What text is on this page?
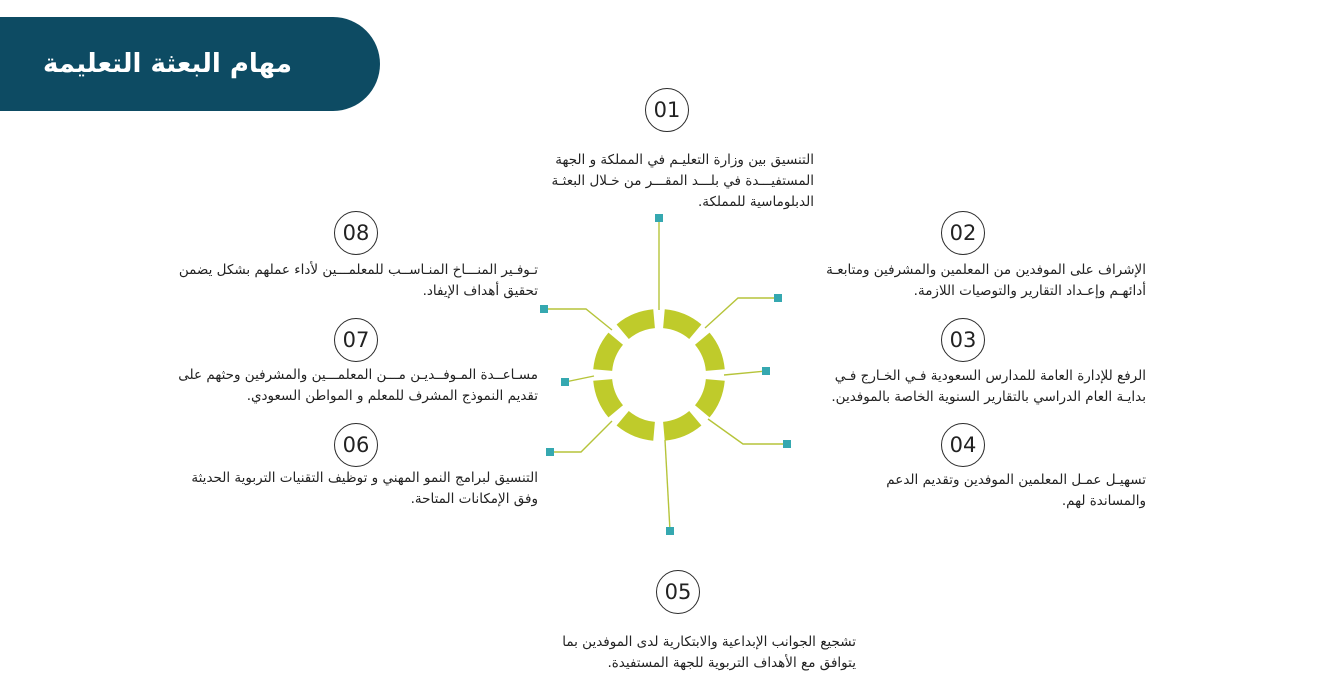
مهام البعثة التعليمة
01
التنسيق بين وزارة التعليـم في المملكة و الجهة
المستفيـــدة في بلـــد المقـــر من خـلال البعثـة
الدبلوماسية للمملكة.
02
الإشراف على الموفدين من المعلمين والمشرفين ومتابعـة
أدائهـم وإعـداد التقارير والتوصيات اللازمة.
03
الرفع للإدارة العامة للمدارس السعودية فـي الخـارج فـي
بدايـة العام الدراسي بالتقارير السنوية الخاصة بالموفدين.
04
تسهيـل عمـل المعلمين الموفدين وتقديم الدعم
والمساندة لهم.
05
تشجيع الجوانب الإبداعية والابتكارية لدى الموفدين بما
يتوافق مع الأهداف التربوية للجهة المستفيدة.
06
التنسيق لبرامج النمو المهني و توظيف التقنيات التربوية الحديثة
وفق الإمكانات المتاحة.
07
مسـاعــدة المـوفــديـن مـــن المعلمـــين والمشرفين وحثهم على
تقديم النموذج المشرف للمعلم و المواطن السعودي.
08
تـوفـير المنـــاخ المنـاســب للمعلمـــين لأداء عملهم بشكل يضمن
تحقيق أهداف الإيفاد.
